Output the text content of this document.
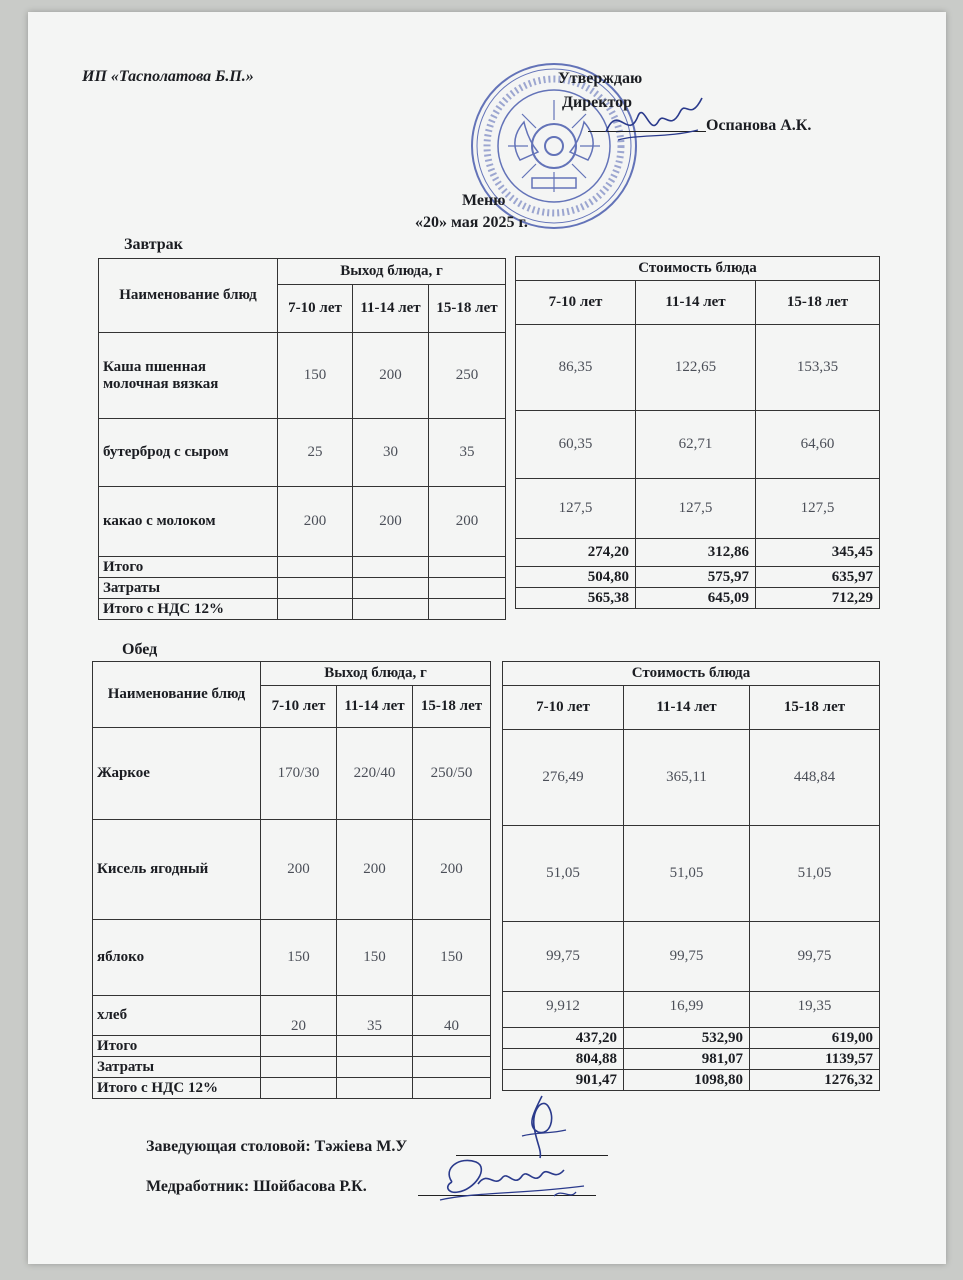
ИП «Тасполатова Б.П.»	Утверждаю
Директор
Оспанова А.К.
Меню
«20» мая 2025 г.
Завтрак
Наименование блюд	Выход блюда, г		
	7-10 лет	11-14 лет	15-18 лет
Каша пшенная молочная вязкая	150	200	250
бутерброд с сыром	25	30	35
какао с молоком	200	200	200
Итого			
Затраты			
Итого с НДС 12%			
Стоимость блюда		
7-10 лет	11-14 лет	15-18 лет
86,35	122,65	153,35
60,35	62,71	64,60
127,5	127,5	127,5
274,20	312,86	345,45
504,80	575,97	635,97
565,38	645,09	712,29
Обед
Наименование блюд	Выход блюда, г		
	7-10 лет	11-14 лет	15-18 лет
Жаркое	170/30	220/40	250/50
Кисель ягодный	200	200	200
яблоко	150	150	150
хлеб	20	35	40
Итого			
Затраты			
Итого с НДС 12%			
Стоимость блюда		
7-10 лет	11-14 лет	15-18 лет
276,49	365,11	448,84
51,05	51,05	51,05
99,75	99,75	99,75
9,912	16,99	19,35
437,20	532,90	619,00
804,88	981,07	1139,57
901,47	1098,80	1276,32
Заведующая столовой: Тәжіева М.У
Медработник: Шойбасова Р.К.
